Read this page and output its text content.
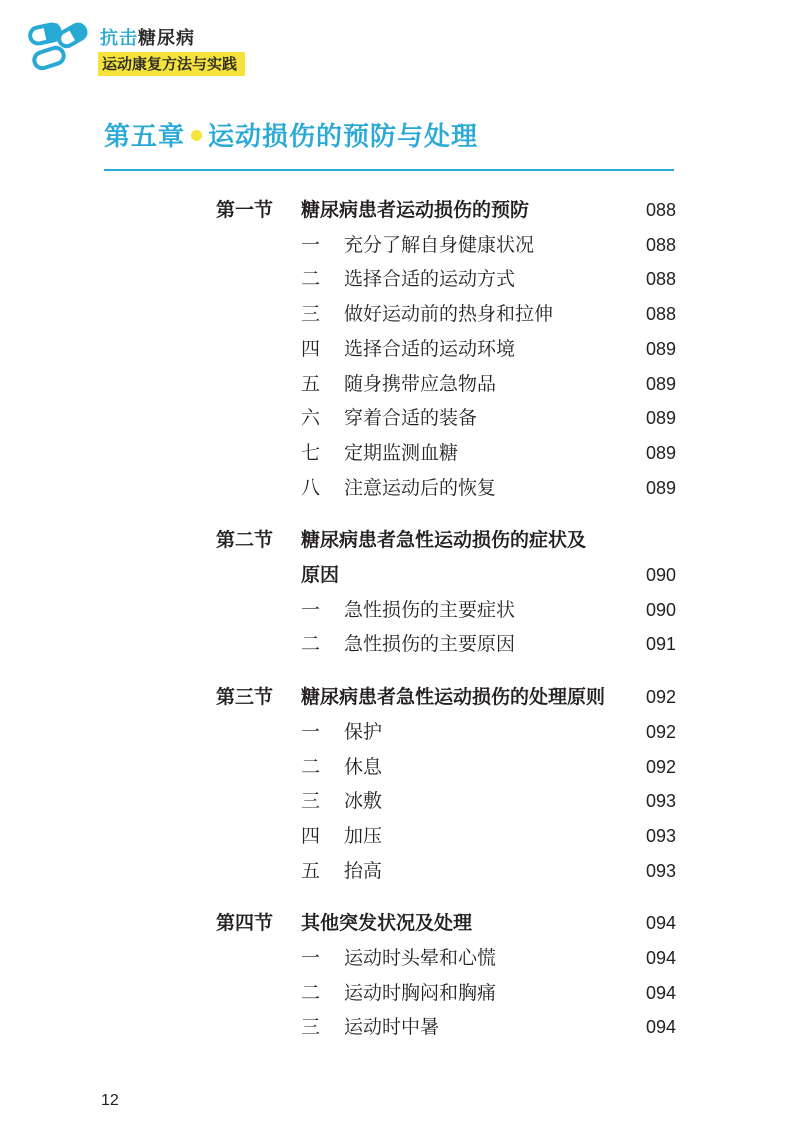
抗击糖尿病
运动康复方法与实践
第五章 运动损伤的预防与处理
第一节 糖尿病患者运动损伤的预防	088
一 充分了解自身健康状况	088
二 选择合适的运动方式	088
三 做好运动前的热身和拉伸	088
四 选择合适的运动环境	089
五 随身携带应急物品	089
六 穿着合适的装备	089
七 定期监测血糖	089
八 注意运动后的恢复	089
第二节 糖尿病患者急性运动损伤的症状及
原因	090
一 急性损伤的主要症状	090
二 急性损伤的主要原因	091
第三节 糖尿病患者急性运动损伤的处理原则	092
一 保护	092
二 休息	092
三 冰敷	093
四 加压	093
五 抬高	093
第四节 其他突发状况及处理	094
一 运动时头晕和心慌	094
二 运动时胸闷和胸痛	094
三 运动时中暑	094
12
